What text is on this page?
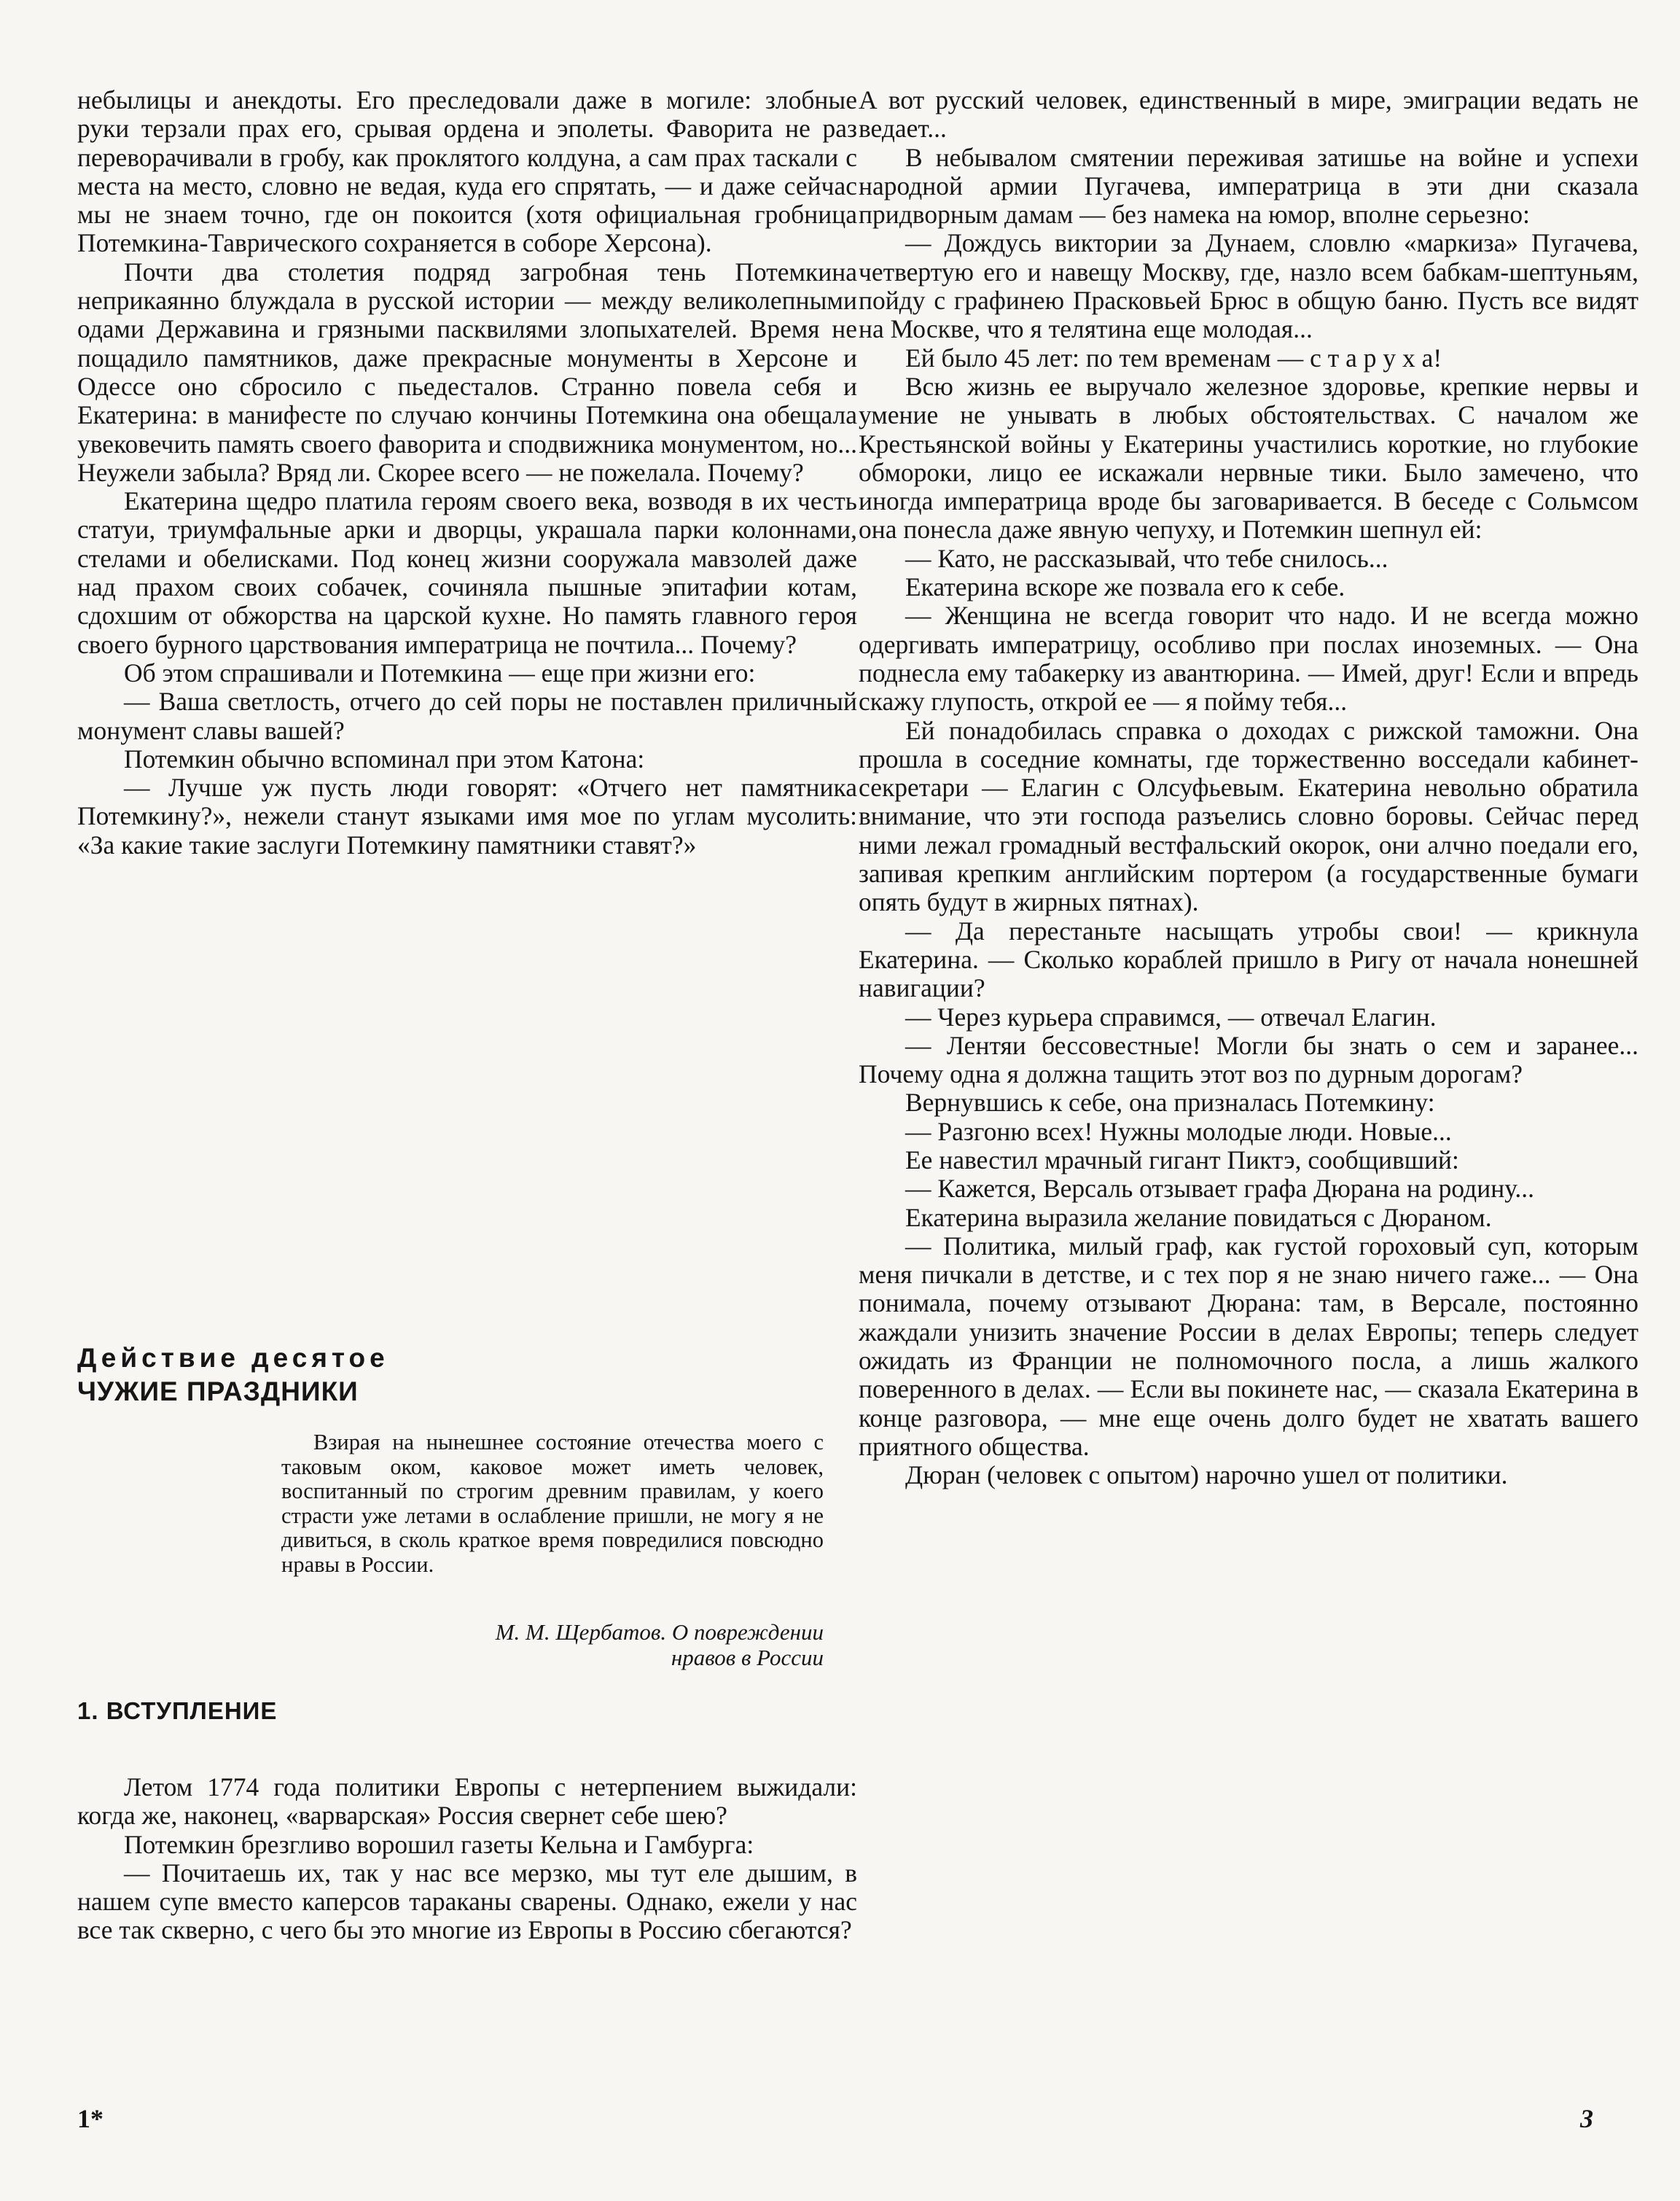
небылицы и анекдоты. Его преследовали даже в могиле: злобные руки терзали прах его, срывая ордена и эполеты. Фаворита не раз переворачивали в гробу, как проклятого колдуна, а сам прах таскали с места на место, словно не ведая, куда его спрятать, — и даже сейчас мы не знаем точно, где он покоится (хотя официальная гробница Потемкина-Таврического сохраняется в соборе Херсона).

Почти два столетия подряд загробная тень Потемкина неприкаянно блуждала в русской истории — между великолепными одами Державина и грязными пасквилями злопыхателей. Время не пощадило памятников, даже прекрасные монументы в Херсоне и Одессе оно сбросило с пьедесталов. Странно повела себя и Екатерина: в манифесте по случаю кончины Потемкина она обещала увековечить память своего фаворита и сподвижника монументом, но... Неужели забыла? Вряд ли. Скорее всего — не пожелала. Почему?

Екатерина щедро платила героям своего века, возводя в их честь статуи, триумфальные арки и дворцы, украшала парки колоннами, стелами и обелисками. Под конец жизни сооружала мавзолей даже над прахом своих собачек, сочиняла пышные эпитафии котам, сдохшим от обжорства на царской кухне. Но память главного героя своего бурного царствования императрица не почтила... Почему?

Об этом спрашивали и Потемкина — еще при жизни его:

— Ваша светлость, отчего до сей поры не поставлен приличный монумент славы вашей?

Потемкин обычно вспоминал при этом Катона:

— Лучше уж пусть люди говорят: «Отчего нет памятника Потемкину?», нежели станут языками имя мое по углам мусолить: «За какие такие заслуги Потемкину памятники ставят?»

Действие десятое
ЧУЖИЕ ПРАЗДНИКИ

Взирая на нынешнее состояние отечества моего с таковым оком, каковое может иметь человек, воспитанный по строгим древним правилам, у коего страсти уже летами в ослабление пришли, не могу я не дивиться, в сколь краткое время повредилися повсюдно нравы в России.

М. М. Щербатов. О повреждении
нравов в России
1. ВСТУПЛЕНИЕ

Летом 1774 года политики Европы с нетерпением выжидали: когда же, наконец, «варварская» Россия свернет себе шею?

Потемкин брезгливо ворошил газеты Кельна и Гамбурга:

— Почитаешь их, так у нас все мерзко, мы тут еле дышим, в нашем супе вместо каперсов тараканы сварены. Однако, ежели у нас все так скверно, с чего бы это многие из Европы в Россию сбегаются?

А вот русский человек, единственный в мире, эмиграции ведать не ведает...

В небывалом смятении переживая затишье на войне и успехи народной армии Пугачева, императрица в эти дни сказала придворным дамам — без намека на юмор, вполне серьезно:

— Дождусь виктории за Дунаем, словлю «маркиза» Пугачева, четвертую его и навещу Москву, где, назло всем бабкам-шептуньям, пойду с графинею Прасковьей Брюс в общую баню. Пусть все видят на Москве, что я телятина еще молодая...

Ей было 45 лет: по тем временам — с т а р у х а!

Всю жизнь ее выручало железное здоровье, крепкие нервы и умение не унывать в любых обстоятельствах. С началом же Крестьянской войны у Екатерины участились короткие, но глубокие обмороки, лицо ее искажали нервные тики. Было замечено, что иногда императрица вроде бы заговаривается. В беседе с Сольмсом она понесла даже явную чепуху, и Потемкин шепнул ей:

— Като, не рассказывай, что тебе снилось...

Екатерина вскоре же позвала его к себе.

— Женщина не всегда говорит что надо. И не всегда можно одергивать императрицу, особливо при послах иноземных. — Она поднесла ему табакерку из авантюрина. — Имей, друг! Если и впредь скажу глупость, открой ее — я пойму тебя...

Ей понадобилась справка о доходах с рижской таможни. Она прошла в соседние комнаты, где торжественно восседали кабинет-секретари — Елагин с Олсуфьевым. Екатерина невольно обратила внимание, что эти господа разъелись словно боровы. Сейчас перед ними лежал громадный вестфальский окорок, они алчно поедали его, запивая крепким английским портером (а государственные бумаги опять будут в жирных пятнах).

— Да перестаньте насыщать утробы свои! — крикнула Екатерина. — Сколько кораблей пришло в Ригу от начала нонешней навигации?

— Через курьера справимся, — отвечал Елагин.

— Лентяи бессовестные! Могли бы знать о сем и заранее... Почему одна я должна тащить этот воз по дурным дорогам?

Вернувшись к себе, она призналась Потемкину:

— Разгоню всех! Нужны молодые люди. Новые...

Ее навестил мрачный гигант Пиктэ, сообщивший:

— Кажется, Версаль отзывает графа Дюрана на родину...

Екатерина выразила желание повидаться с Дюраном.

— Политика, милый граф, как густой гороховый суп, которым меня пичкали в детстве, и с тех пор я не знаю ничего гаже... — Она понимала, почему отзывают Дюрана: там, в Версале, постоянно жаждали унизить значение России в делах Европы; теперь следует ожидать из Франции не полномочного посла, а лишь жалкого поверенного в делах. — Если вы покинете нас, — сказала Екатерина в конце разговора, — мне еще очень долго будет не хватать вашего приятного общества.

Дюран (человек с опытом) нарочно ушел от политики.

1*	3
